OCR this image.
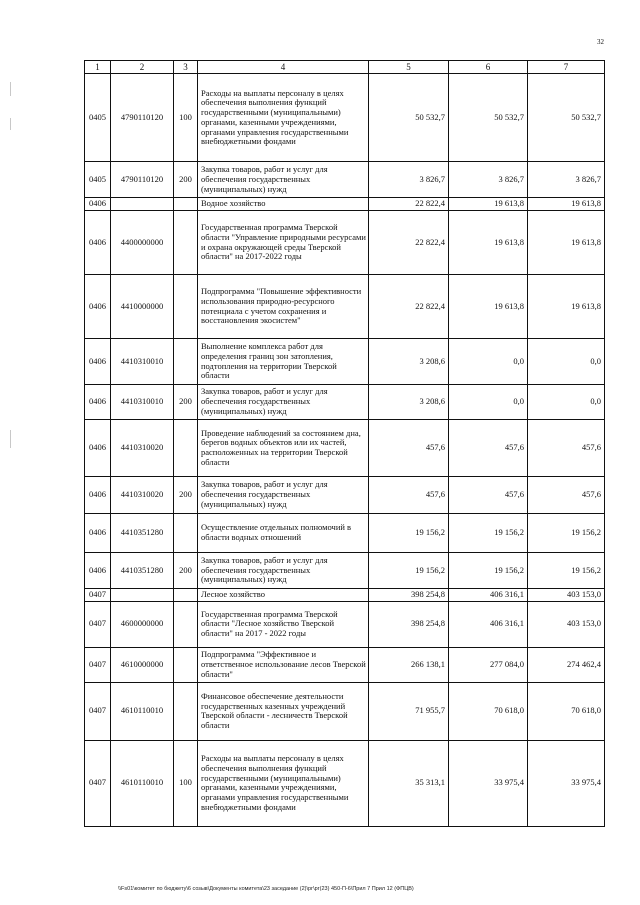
32
1	2	3	4	5	6	7
0405	4790110120	100	Расходы на выплаты персоналу в целях обеспечения выполнения функций государственными (муниципальными) органами, казенными учреждениями, органами управления государственными внебюджетными фондами	50 532,7	50 532,7	50 532,7
0405	4790110120	200	Закупка товаров, работ и услуг для обеспечения государственных (муниципальных) нужд	3 826,7	3 826,7	3 826,7
0406			Водное хозяйство	22 822,4	19 613,8	19 613,8
0406	4400000000		Государственная программа Тверской области "Управление природными ресурсами и охрана окружающей среды Тверской области" на 2017-2022 годы	22 822,4	19 613,8	19 613,8
0406	4410000000		Подпрограмма "Повышение эффективности использования природно-ресурсного потенциала с учетом сохранения и восстановления экосистем"	22 822,4	19 613,8	19 613,8
0406	4410310010		Выполнение комплекса работ для определения границ зон затопления, подтопления на территории Тверской области	3 208,6	0,0	0,0
0406	4410310010	200	Закупка товаров, работ и услуг для обеспечения государственных (муниципальных) нужд	3 208,6	0,0	0,0
0406	4410310020		Проведение наблюдений за состоянием дна, берегов водных объектов или их частей, расположенных на территории Тверской области	457,6	457,6	457,6
0406	4410310020	200	Закупка товаров, работ и услуг для обеспечения государственных (муниципальных) нужд	457,6	457,6	457,6
0406	4410351280		Осуществление отдельных полномочий в области водных отношений	19 156,2	19 156,2	19 156,2
0406	4410351280	200	Закупка товаров, работ и услуг для обеспечения государственных (муниципальных) нужд	19 156,2	19 156,2	19 156,2
0407			Лесное хозяйство	398 254,8	406 316,1	403 153,0
0407	4600000000		Государственная программа Тверской области "Лесное хозяйство Тверской области" на 2017 - 2022 годы	398 254,8	406 316,1	403 153,0
0407	4610000000		Подпрограмма "Эффективное и ответственное использование лесов Тверской области"	266 138,1	277 084,0	274 462,4
0407	4610110010		Финансовое обеспечение деятельности государственных казенных учреждений Тверской области - лесничеств Тверской области	71 955,7	70 618,0	70 618,0
0407	4610110010	100	Расходы на выплаты персоналу в целях обеспечения выполнения функций государственными (муниципальными) органами, казенными учреждениями, органами управления государственными внебюджетными фондами	35 313,1	33 975,4	33 975,4
\\Fs01\комитет по бюджету\6 созыв\Документы комитета\23 заседание (2)\рг\рг(23) 450-П-6\Прил 7 Прил 12 (ФПЦВ)
